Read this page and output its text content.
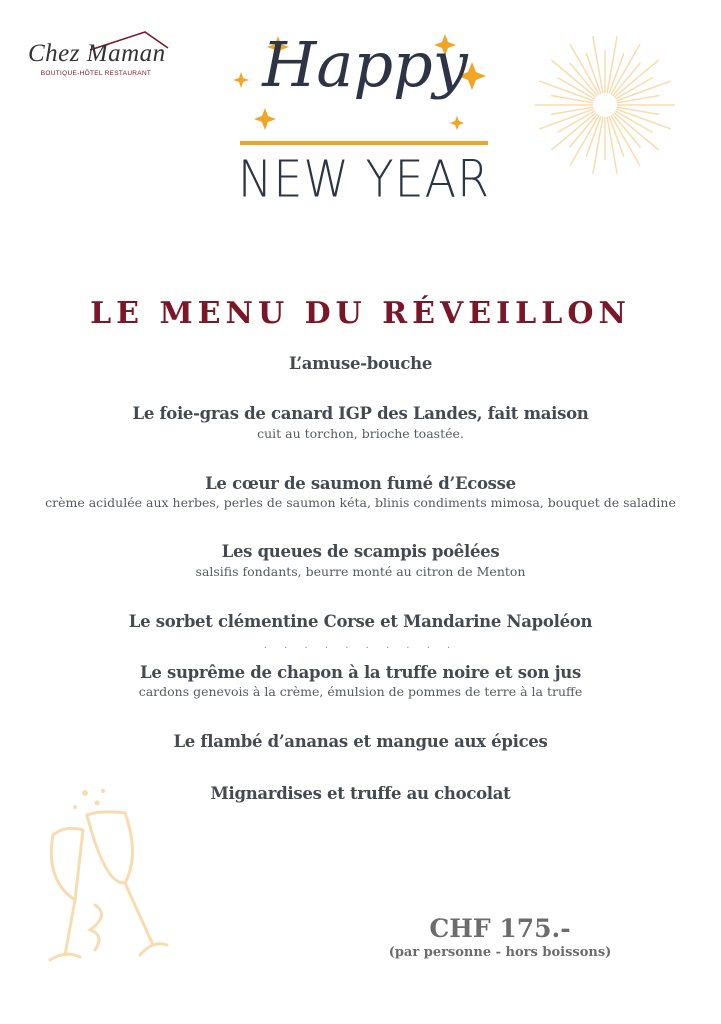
Chez Maman
BOUTIQUE-HÔTEL RESTAURANT	Happy
NEW YEAR
LE MENU DU RÉVEILLON
L’amuse-bouche
Le foie-gras de canard IGP des Landes, fait maison
cuit au torchon, brioche toastée.
Le cœur de saumon fumé d’Ecosse
crème acidulée aux herbes, perles de saumon kéta, blinis condiments mimosa, bouquet de saladine
Les queues de scampis poêlées
salsifis fondants, beurre monté au citron de Menton
Le sorbet clémentine Corse et Mandarine Napoléon
. . . . . . . . . .
Le suprême de chapon à la truffe noire et son jus
cardons genevois à la crème, émulsion de pommes de terre à la truffe
Le flambé d’ananas et mangue aux épices
Mignardises et truffe au chocolat
CHF 175.-
(par personne - hors boissons)
